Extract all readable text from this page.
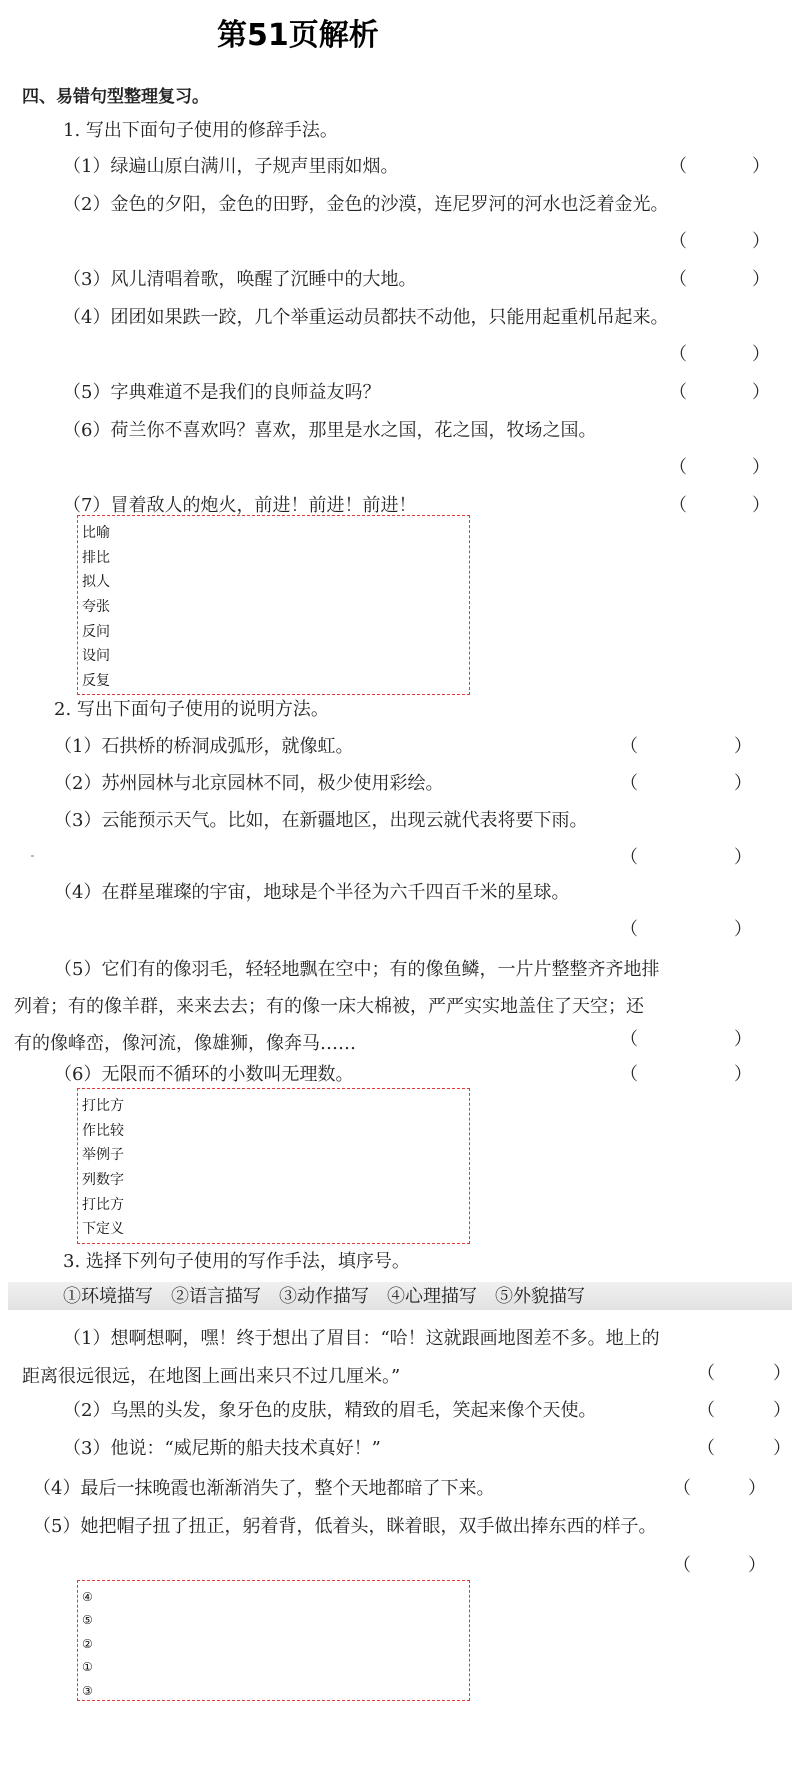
第51页解析
四、易错句型整理复习。
1. 写出下面句子使用的修辞手法。
（1）绿遍山原白满川，子规声里雨如烟。	（	）
（2）金色的夕阳，金色的田野，金色的沙漠，连尼罗河的河水也泛着金光。
（	）
（3）风儿清唱着歌，唤醒了沉睡中的大地。	（	）
（4）团团如果跌一跤，几个举重运动员都扶不动他，只能用起重机吊起来。
（	）
（5）字典难道不是我们的良师益友吗？	（	）
（6）荷兰你不喜欢吗？喜欢，那里是水之国，花之国，牧场之国。
（	）
（7）冒着敌人的炮火，前进！前进！前进！	（	）
比喻
排比
拟人
夸张
反问
设问
反复
2. 写出下面句子使用的说明方法。
（1）石拱桥的桥洞成弧形，就像虹。	（	）
（2）苏州园林与北京园林不同，极少使用彩绘。	（	）
（3）云能预示天气。比如，在新疆地区，出现云就代表将要下雨。
（	）
（4）在群星璀璨的宇宙，地球是个半径为六千四百千米的星球。
（	）
（5）它们有的像羽毛，轻轻地飘在空中；有的像鱼鳞，一片片整整齐齐地排
列着；有的像羊群，来来去去；有的像一床大棉被，严严实实地盖住了天空；还
有的像峰峦，像河流，像雄狮，像奔马……	（	）
（6）无限而不循环的小数叫无理数。	（	）
打比方
作比较
举例子
列数字
打比方
下定义
3. 选择下列句子使用的写作手法，填序号。
①环境描写　②语言描写　③动作描写　④心理描写　⑤外貌描写
（1）想啊想啊，嘿！终于想出了眉目：“哈！这就跟画地图差不多。地上的
距离很远很远，在地图上画出来只不过几厘米。”	（	）
（2）乌黑的头发，象牙色的皮肤，精致的眉毛，笑起来像个天使。	（	）
（3）他说：“威尼斯的船夫技术真好！”	（	）
（4）最后一抹晚霞也渐渐消失了，整个天地都暗了下来。	（	）
（5）她把帽子扭了扭正，躬着背，低着头，眯着眼，双手做出捧东西的样子。
（	）
④
⑤
②
①
③
